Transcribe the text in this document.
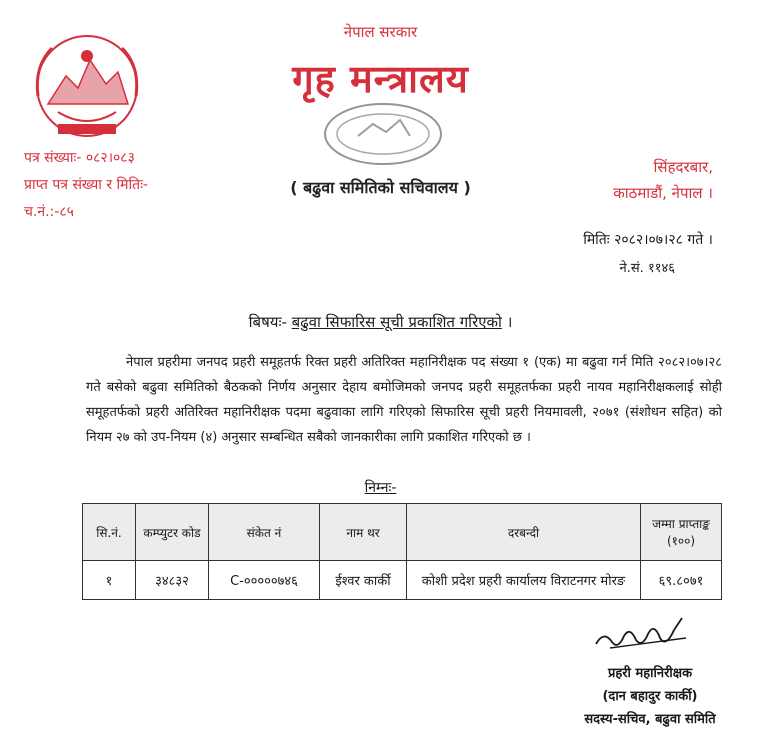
नेपाल सरकार
गृह मन्त्रालय
( बढुवा समितिको सचिवालय )
पत्र संख्याः- ०८२।०८३
प्राप्त पत्र संख्या र मितिः-
च.नं.:-८५
सिंहदरबार,
काठमाडौं, नेपाल ।
मितिः २०८२।०७।२८ गते ।
ने.सं. ११४६
बिषयः- बढुवा सिफारिस सूची प्रकाशित गरिएको ।
नेपाल प्रहरीमा जनपद प्रहरी समूहतर्फ रिक्त प्रहरी अतिरिक्त महानिरीक्षक पद संख्या १ (एक) मा बढुवा गर्न मिति २०८२।०७।२८ गते बसेको बढुवा समितिको बैठकको निर्णय अनुसार देहाय बमोजिमको जनपद प्रहरी समूहतर्फका प्रहरी नायव महानिरीक्षकलाई सोही समूहतर्फको प्रहरी अतिरिक्त महानिरीक्षक पदमा बढुवाका लागि गरिएको सिफारिस सूची प्रहरी नियमावली, २०७१ (संशोधन सहित) को नियम २७ को उप-नियम (४) अनुसार सम्बन्धित सबैको जानकारीका लागि प्रकाशित गरिएको छ ।
निम्नः-
सि.नं.	कम्प्युटर कोड	संकेत नं	नाम थर	दरबन्दी	जम्मा प्राप्ताङ्क (१००)
१	३४८३२	C-०००००७४६	ईश्वर कार्की	कोशी प्रदेश प्रहरी कार्यालय विराटनगर मोरङ	६९.८०७१
प्रहरी महानिरीक्षक
(दान बहादुर कार्की)
सदस्य-सचिव, बढुवा समिति
